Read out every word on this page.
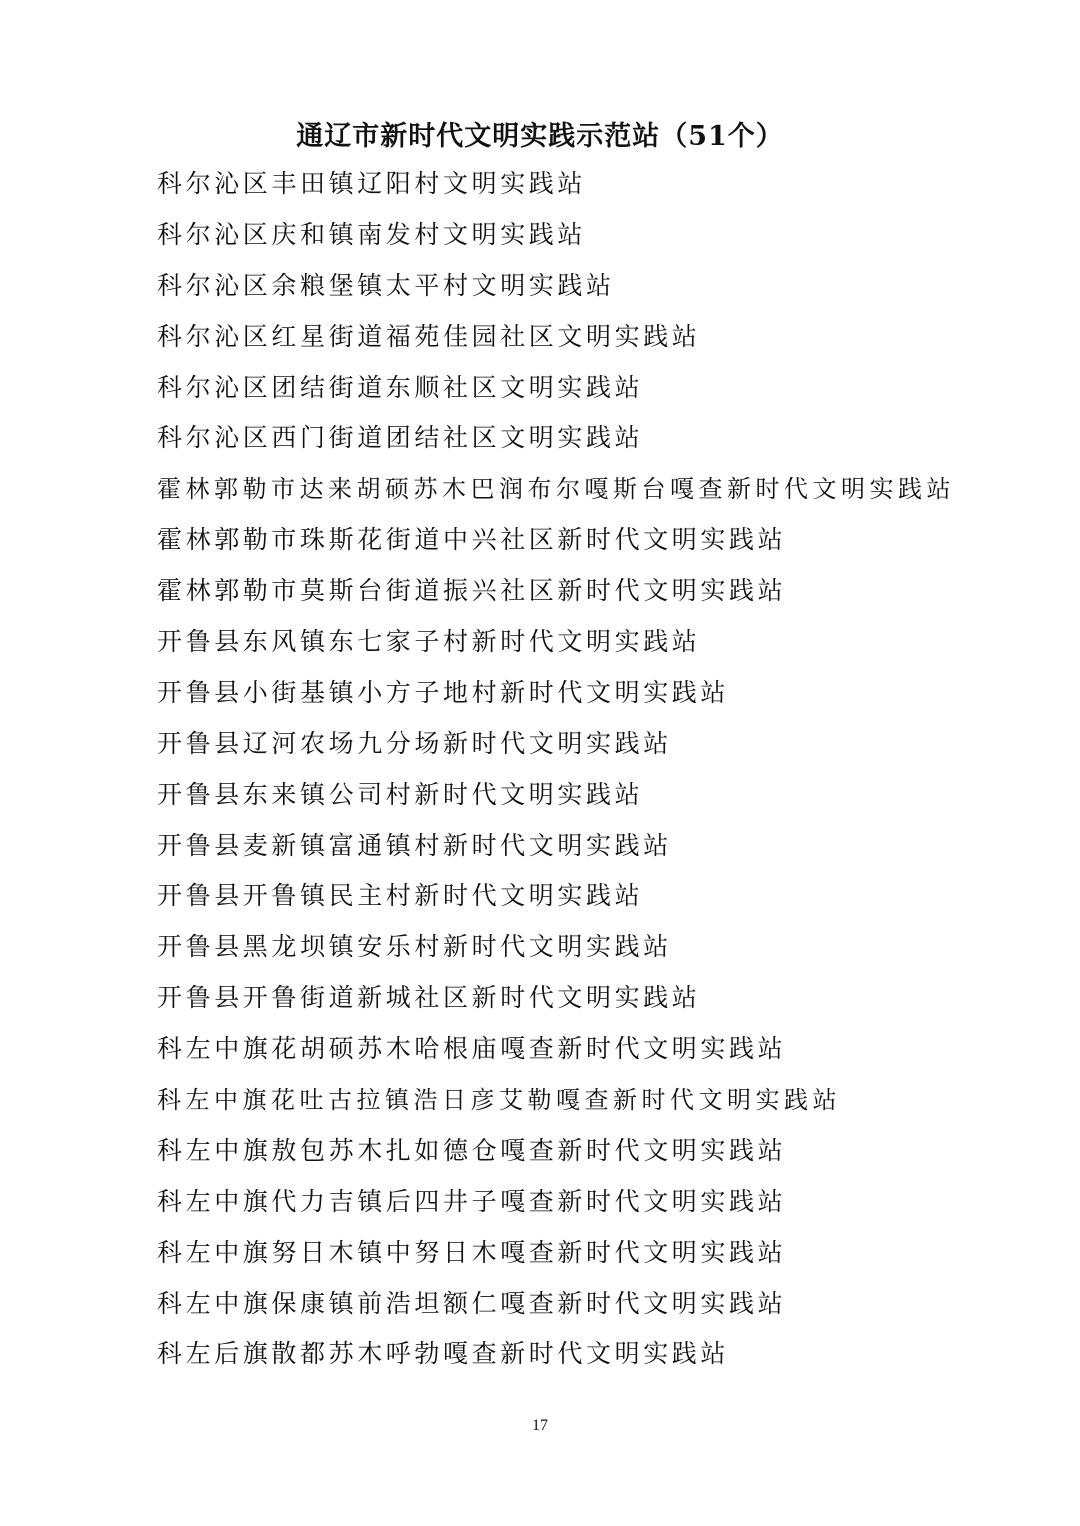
通辽市新时代文明实践示范站（51个）
科尔沁区丰田镇辽阳村文明实践站
科尔沁区庆和镇南发村文明实践站
科尔沁区余粮堡镇太平村文明实践站
科尔沁区红星街道福苑佳园社区文明实践站
科尔沁区团结街道东顺社区文明实践站
科尔沁区西门街道团结社区文明实践站
霍林郭勒市达来胡硕苏木巴润布尔嘎斯台嘎查新时代文明实践站
霍林郭勒市珠斯花街道中兴社区新时代文明实践站
霍林郭勒市莫斯台街道振兴社区新时代文明实践站
开鲁县东风镇东七家子村新时代文明实践站
开鲁县小街基镇小方子地村新时代文明实践站
开鲁县辽河农场九分场新时代文明实践站
开鲁县东来镇公司村新时代文明实践站
开鲁县麦新镇富通镇村新时代文明实践站
开鲁县开鲁镇民主村新时代文明实践站
开鲁县黑龙坝镇安乐村新时代文明实践站
开鲁县开鲁街道新城社区新时代文明实践站
科左中旗花胡硕苏木哈根庙嘎查新时代文明实践站
科左中旗花吐古拉镇浩日彦艾勒嘎查新时代文明实践站
科左中旗敖包苏木扎如德仓嘎查新时代文明实践站
科左中旗代力吉镇后四井子嘎查新时代文明实践站
科左中旗努日木镇中努日木嘎查新时代文明实践站
科左中旗保康镇前浩坦额仁嘎查新时代文明实践站
科左后旗散都苏木呼勃嘎查新时代文明实践站
17
